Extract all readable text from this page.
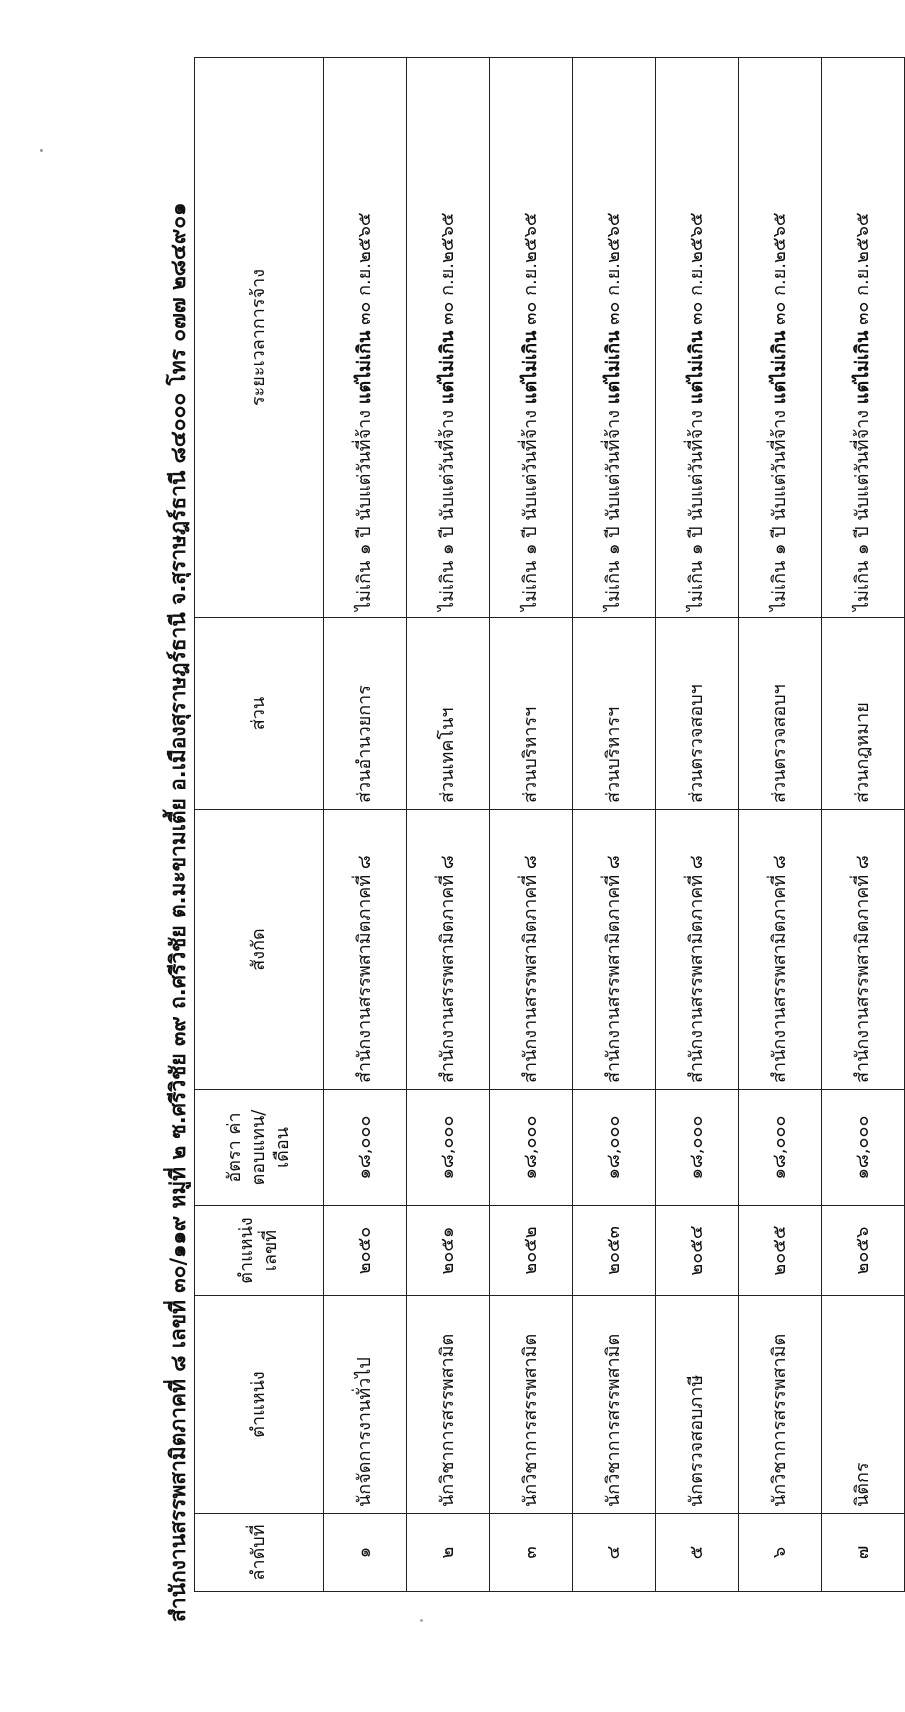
สำนักงานสรรพสามิตภาคที่ ๘ เลขที่ ๓๐/๑๑๙ หมู่ที่ ๒ ซ.ศรีวิชัย ๓๙ ถ.ศรีวิชัย ต.มะขามเตี้ย อ.เมืองสุราษฎร์ธานี จ.สุราษฎร์ธานี ๘๔๐๐๐ โทร ๐๗๗ ๒๘๔๙๐๑	ลำดับที่	ตำแหน่ง	ตำแหน่ง เลขที่	อัตรา ค่าตอบแทน/ เดือน	สังกัด	ส่วน	ระยะเวลาการจ้าง
๑	นักจัดการงานทั่วไป	๒๐๕๐	๑๘,๐๐๐	สำนักงานสรรพสามิตภาคที่ ๘	ส่วนอำนวยการ	ไม่เกิน ๑ ปี นับแต่วันที่จ้าง แต่ไม่เกิน ๓๐ ก.ย.๒๕๖๕
๒	นักวิชาการสรรพสามิต	๒๐๕๑	๑๘,๐๐๐	สำนักงานสรรพสามิตภาคที่ ๘	ส่วนเทคโนฯ	ไม่เกิน ๑ ปี นับแต่วันที่จ้าง แต่ไม่เกิน ๓๐ ก.ย.๒๕๖๕
๓	นักวิชาการสรรพสามิต	๒๐๕๒	๑๘,๐๐๐	สำนักงานสรรพสามิตภาคที่ ๘	ส่วนบริหารฯ	ไม่เกิน ๑ ปี นับแต่วันที่จ้าง แต่ไม่เกิน ๓๐ ก.ย.๒๕๖๕
๔	นักวิชาการสรรพสามิต	๒๐๕๓	๑๘,๐๐๐	สำนักงานสรรพสามิตภาคที่ ๘	ส่วนบริหารฯ	ไม่เกิน ๑ ปี นับแต่วันที่จ้าง แต่ไม่เกิน ๓๐ ก.ย.๒๕๖๕
๕	นักตรวจสอบภาษี	๒๐๕๔	๑๘,๐๐๐	สำนักงานสรรพสามิตภาคที่ ๘	ส่วนตรวจสอบฯ	ไม่เกิน ๑ ปี นับแต่วันที่จ้าง แต่ไม่เกิน ๓๐ ก.ย.๒๕๖๕
๖	นักวิชาการสรรพสามิต	๒๐๕๕	๑๘,๐๐๐	สำนักงานสรรพสามิตภาคที่ ๘	ส่วนตรวจสอบฯ	ไม่เกิน ๑ ปี นับแต่วันที่จ้าง แต่ไม่เกิน ๓๐ ก.ย.๒๕๖๕
๗	นิติกร	๒๐๕๖	๑๘,๐๐๐	สำนักงานสรรพสามิตภาคที่ ๘	ส่วนกฎหมาย	ไม่เกิน ๑ ปี นับแต่วันที่จ้าง แต่ไม่เกิน ๓๐ ก.ย.๒๕๖๕
